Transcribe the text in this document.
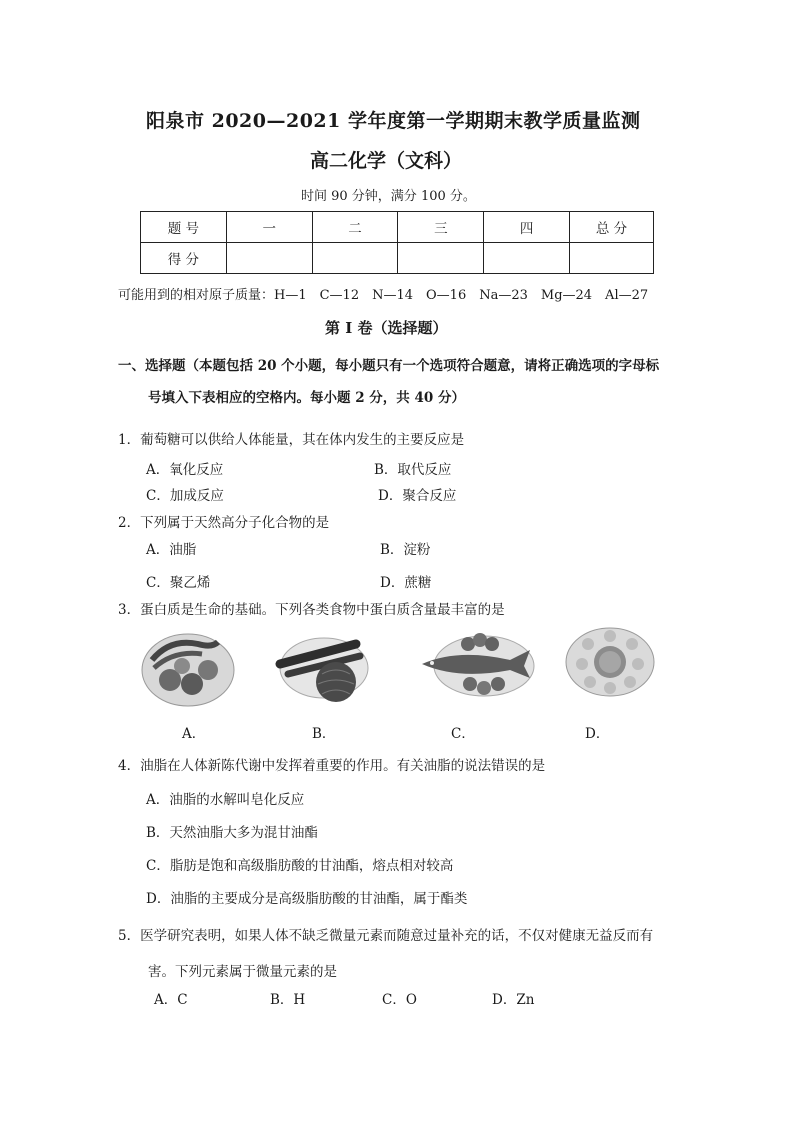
阳泉市 2020—2021 学年度第一学期期末教学质量监测
高二化学（文科）
时间 90 分钟，满分 100 分。
题 号	一	二	三	四	总 分
得 分					
可能用到的相对原子质量：H—1　C—12　N—14　O—16　Na—23　Mg—24　Al—27
第 I 卷（选择题）
一、选择题（本题包括 20 个小题，每小题只有一个选项符合题意，请将正确选项的字母标
号填入下表相应的空格内。每小题 2 分，共 40 分）
1．葡萄糖可以供给人体能量，其在体内发生的主要反应是
A．氧化反应	B．取代反应
C．加成反应	D．聚合反应
2．下列属于天然高分子化合物的是
A．油脂	B．淀粉
C．聚乙烯	D．蔗糖
3．蛋白质是生命的基础。下列各类食物中蛋白质含量最丰富的是
A．	B．	C．	D．
4．油脂在人体新陈代谢中发挥着重要的作用。有关油脂的说法错误的是
A．油脂的水解叫皂化反应
B．天然油脂大多为混甘油酯
C．脂肪是饱和高级脂肪酸的甘油酯，熔点相对较高
D．油脂的主要成分是高级脂肪酸的甘油酯，属于酯类
5．医学研究表明，如果人体不缺乏微量元素而随意过量补充的话，不仅对健康无益反而有
害。下列元素属于微量元素的是
A．C	B．H	C．O	D．Zn
